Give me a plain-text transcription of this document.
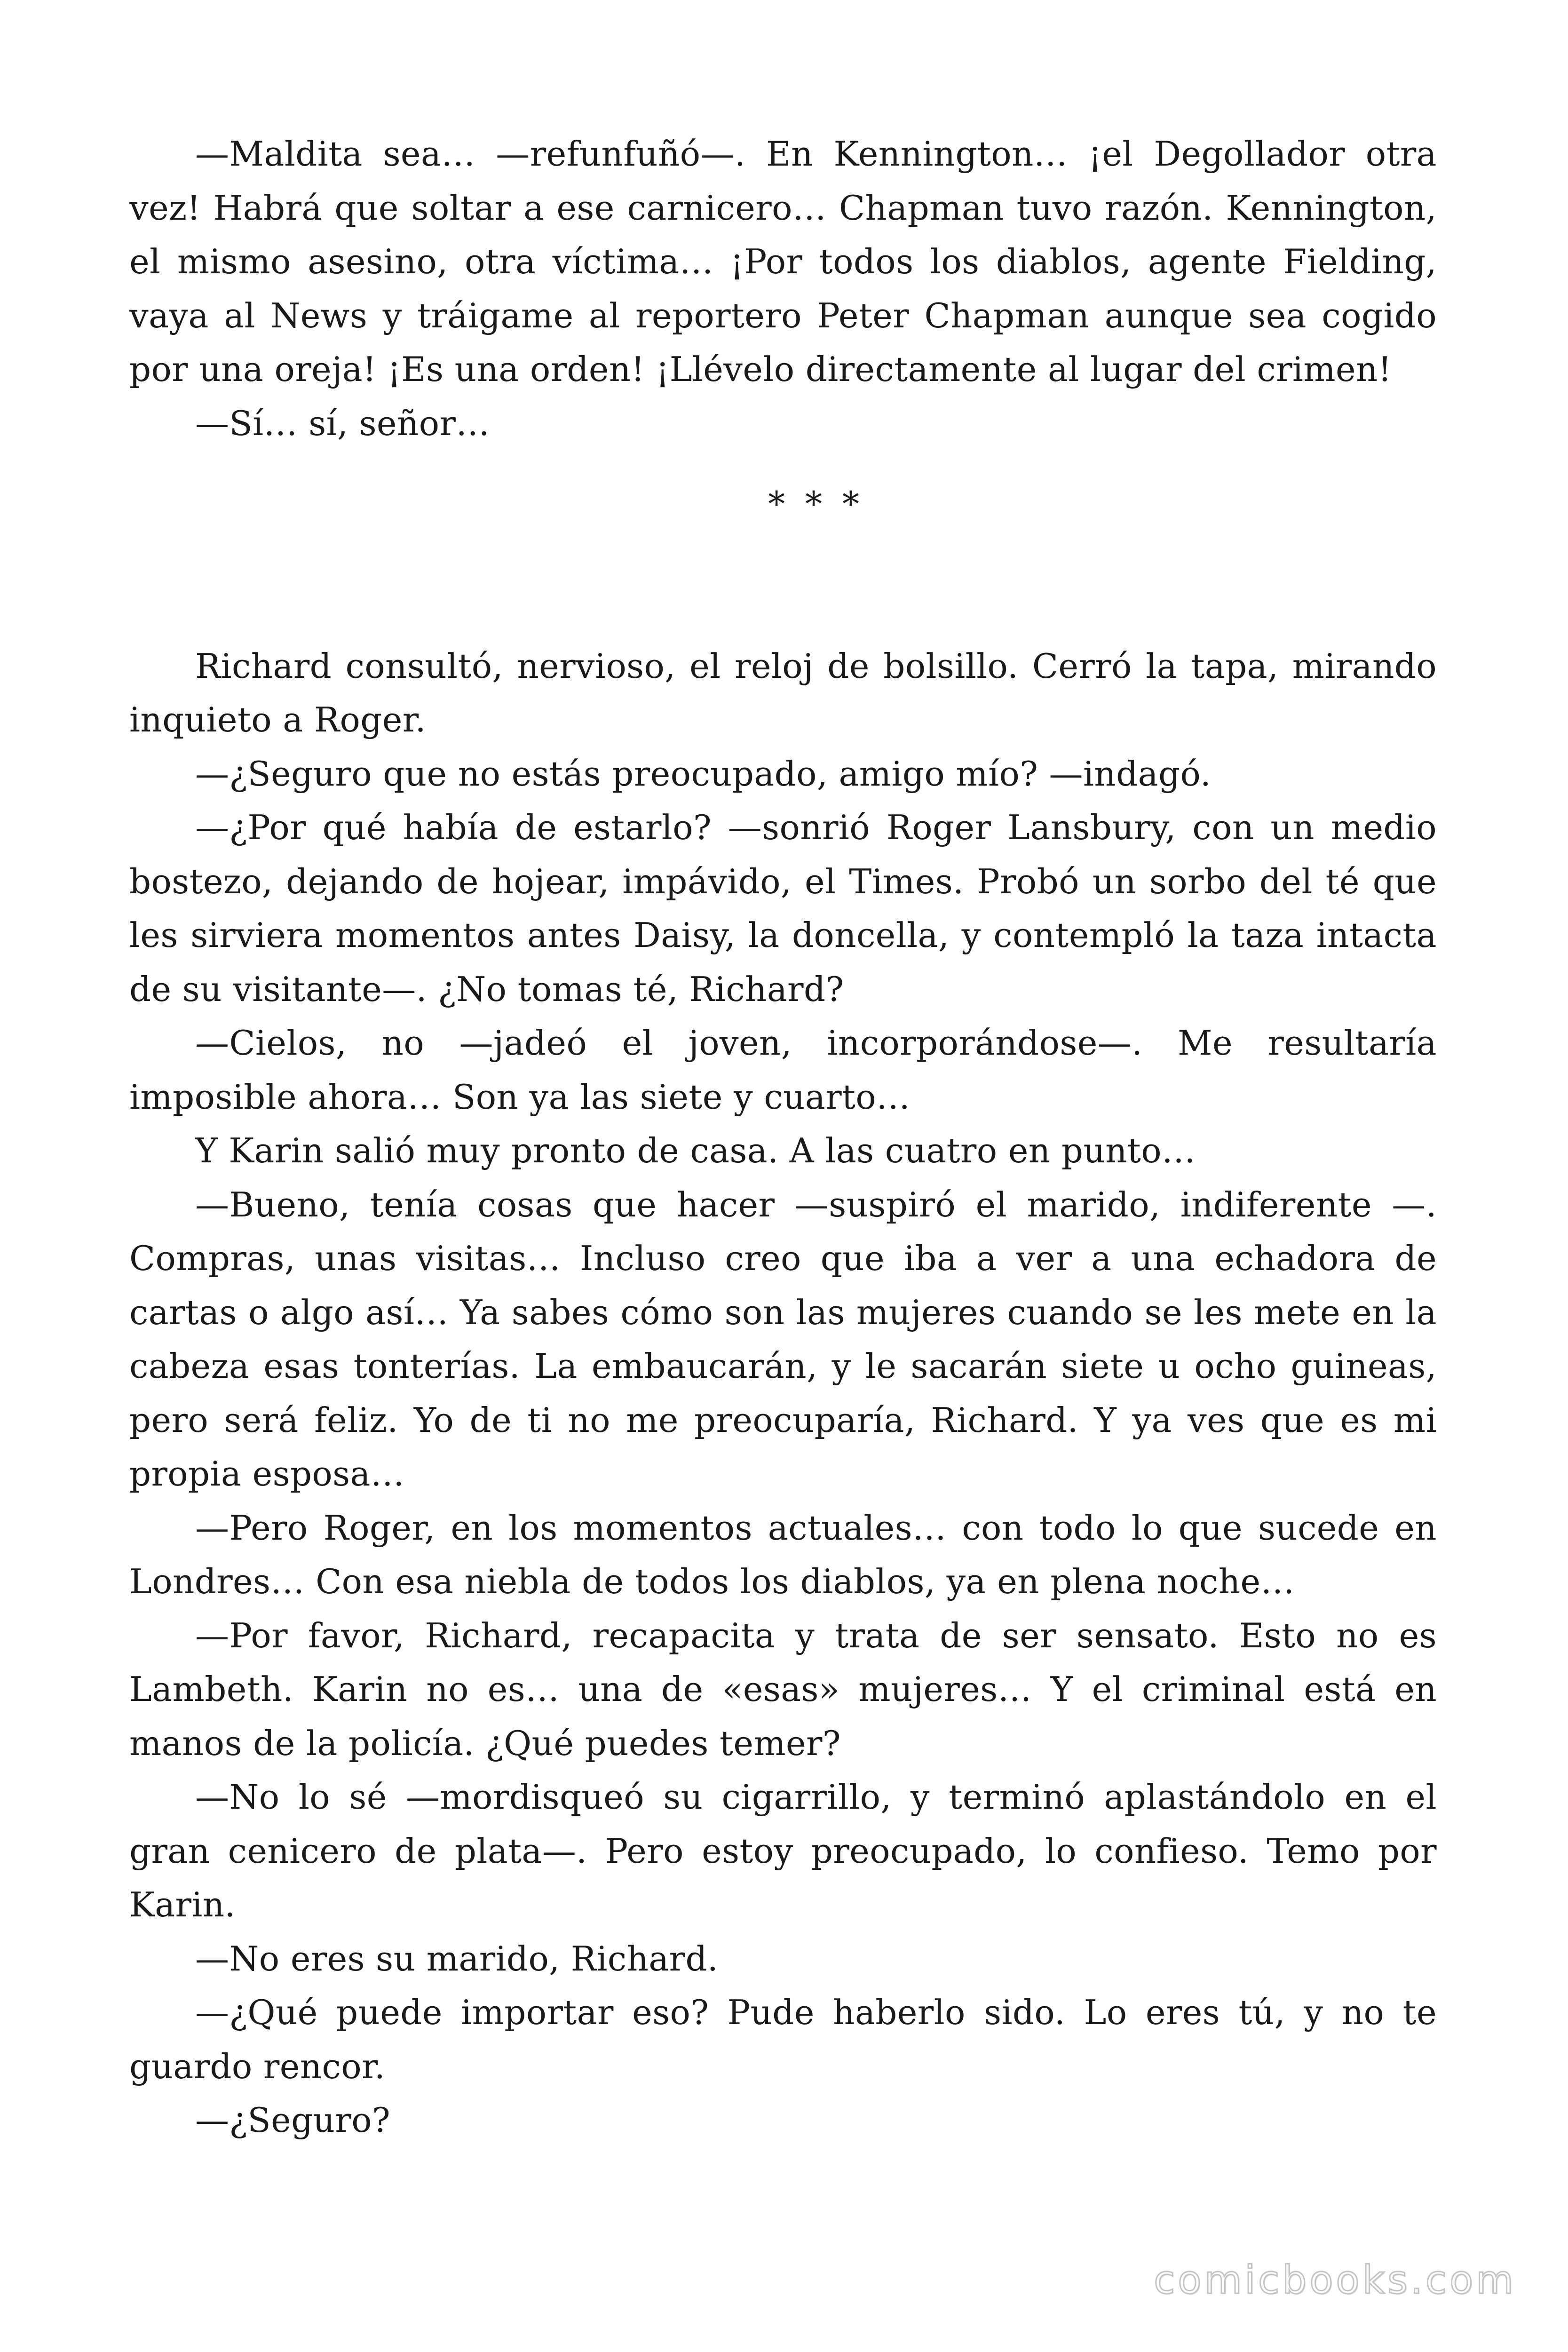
—Maldita sea… —refunfuñó—. En Kennington… ¡el Degollador otra vez! Habrá que soltar a ese carnicero… Chapman tuvo razón. Kennington, el mismo asesino, otra víctima… ¡Por todos los diablos, agente Fielding, vaya al News y tráigame al reportero Peter Chapman aunque sea cogido por una oreja! ¡Es una orden! ¡Llévelo directamente al lugar del crimen!

—Sí… sí, señor…

* * *

Richard consultó, nervioso, el reloj de bolsillo. Cerró la tapa, mirando inquieto a Roger.

—¿Seguro que no estás preocupado, amigo mío? —indagó.

—¿Por qué había de estarlo? —sonrió Roger Lansbury, con un medio bostezo, dejando de hojear, impávido, el Times. Probó un sorbo del té que les sirviera momentos antes Daisy, la doncella, y contempló la taza intacta de su visitante—. ¿No tomas té, Richard?

—Cielos, no —jadeó el joven, incorporándose—. Me resultaría imposible ahora… Son ya las siete y cuarto…

Y Karin salió muy pronto de casa. A las cuatro en punto…

—Bueno, tenía cosas que hacer —suspiró el marido, indiferente —. Compras, unas visitas… Incluso creo que iba a ver a una echadora de cartas o algo así… Ya sabes cómo son las mujeres cuando se les mete en la cabeza esas tonterías. La embaucarán, y le sacarán siete u ocho guineas, pero será feliz. Yo de ti no me preocuparía, Richard. Y ya ves que es mi propia esposa…

—Pero Roger, en los momentos actuales… con todo lo que sucede en Londres… Con esa niebla de todos los diablos, ya en plena noche…

—Por favor, Richard, recapacita y trata de ser sensato. Esto no es Lambeth. Karin no es… una de «esas» mujeres… Y el criminal está en manos de la policía. ¿Qué puedes temer?

—No lo sé —mordisqueó su cigarrillo, y terminó aplastándolo en el gran cenicero de plata—. Pero estoy preocupado, lo confieso. Temo por Karin.

—No eres su marido, Richard.

—¿Qué puede importar eso? Pude haberlo sido. Lo eres tú, y no te guardo rencor.

—¿Seguro?

comicbooks.com
